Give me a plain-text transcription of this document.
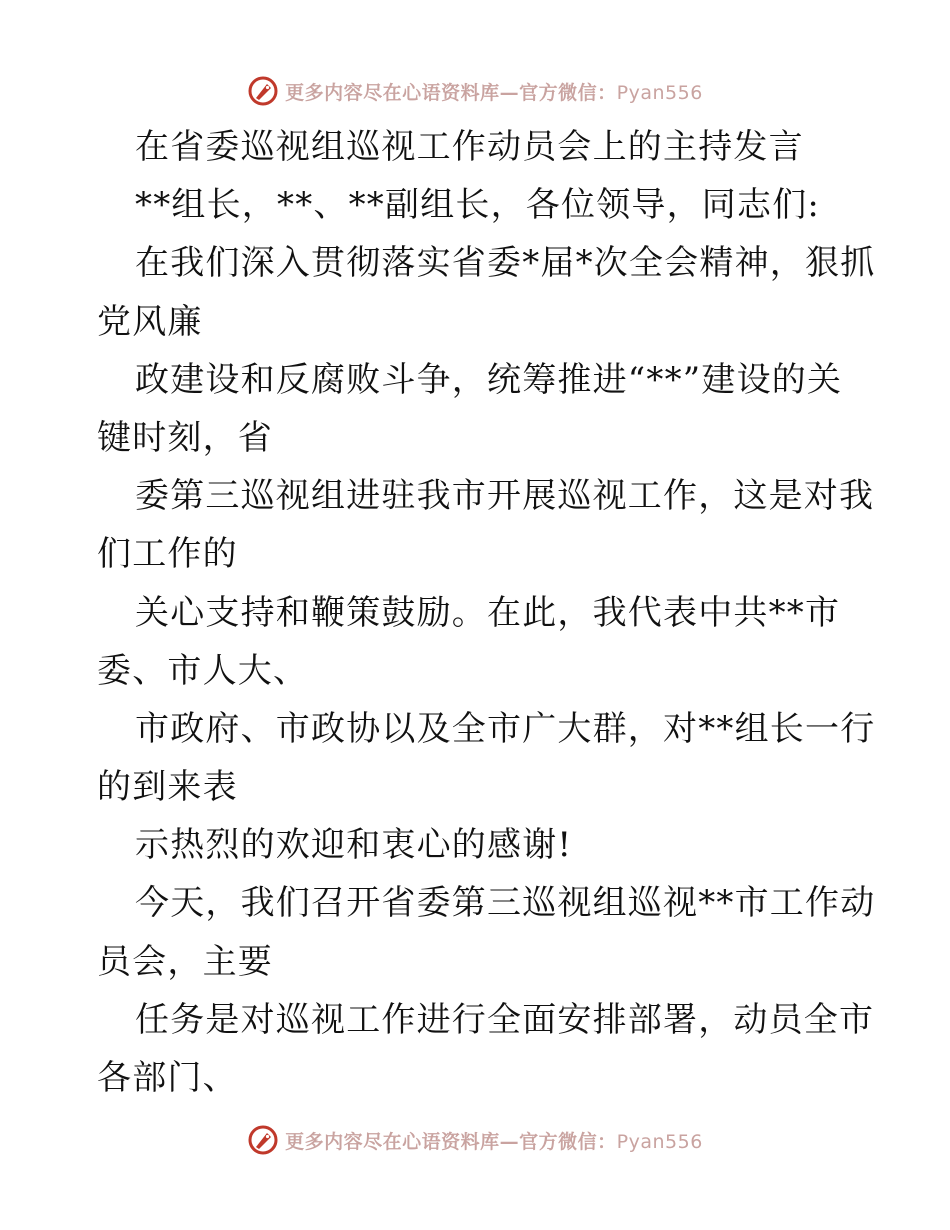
更多内容尽在心语资料库—官方微信：Pyan556
在省委巡视组巡视工作动员会上的主持发言
**组长，**、**副组长，各位领导，同志们:
在我们深入贯彻落实省委*届*次全会精神，狠抓
党风廉
政建设和反腐败斗争，统筹推进“**”建设的关
键时刻，省
委第三巡视组进驻我市开展巡视工作，这是对我
们工作的
关心支持和鞭策鼓励。在此，我代表中共**市
委、市人大、
市政府、市政协以及全市广大群，对**组长一行
的到来表
示热烈的欢迎和衷心的感谢!
今天，我们召开省委第三巡视组巡视**市工作动
员会，主要
任务是对巡视工作进行全面安排部署，动员全市
各部门、
更多内容尽在心语资料库—官方微信：Pyan556
